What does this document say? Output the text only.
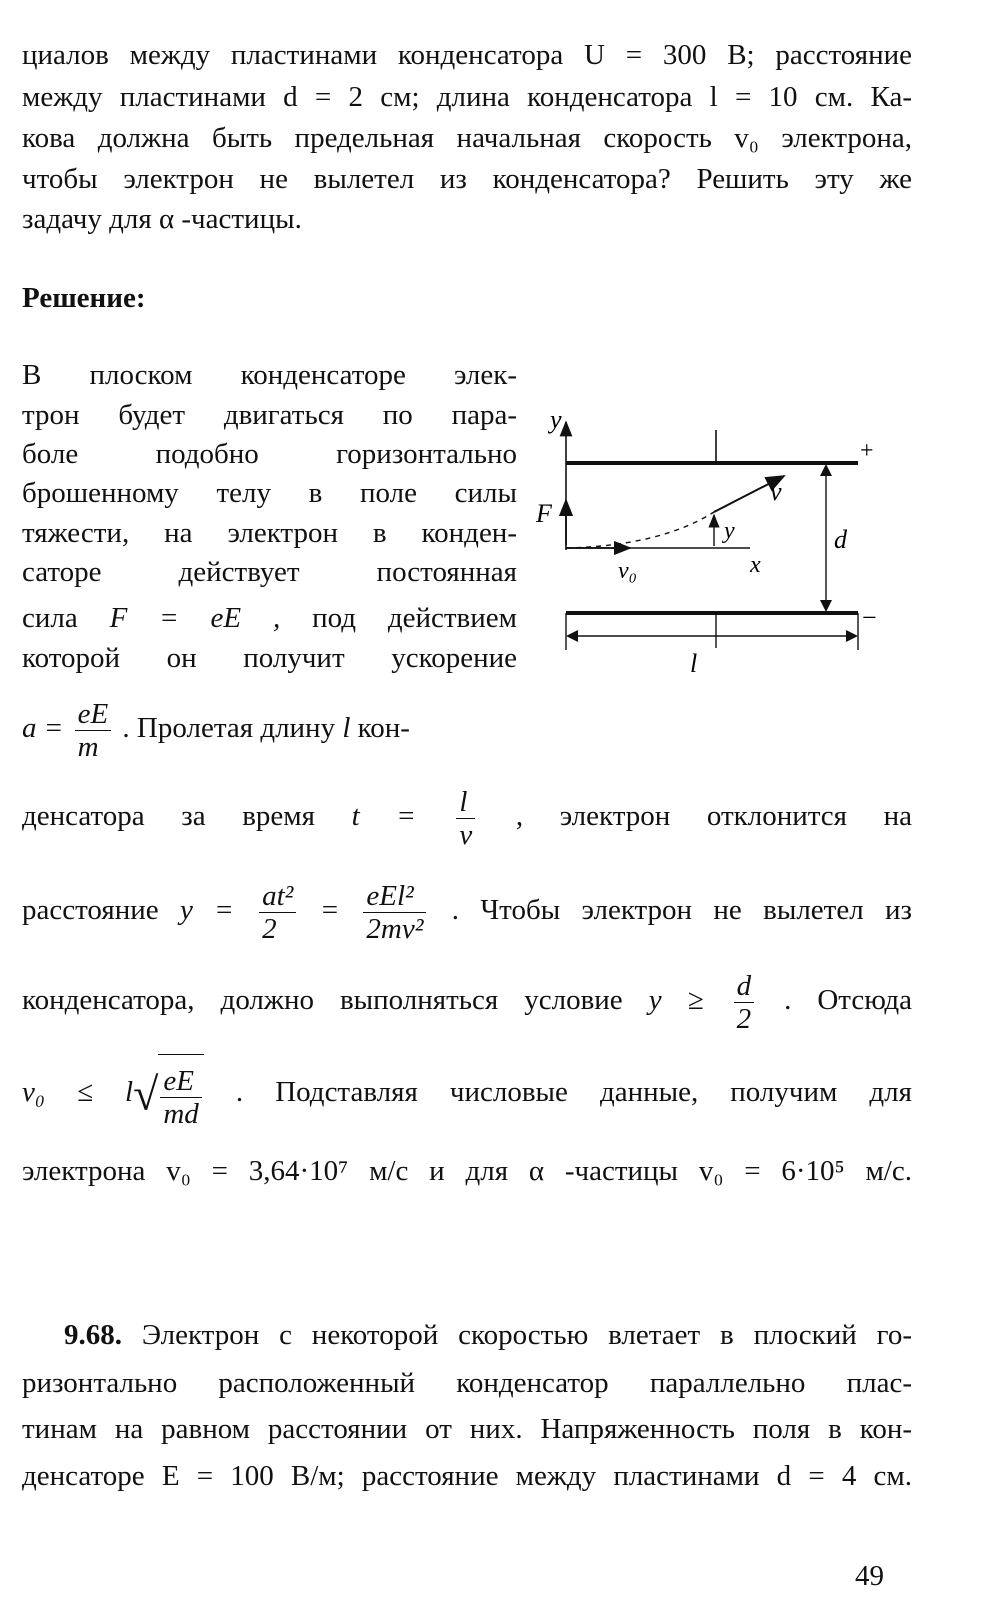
циалов между пластинами конденсатора U = 300 В; расстояние
между пластинами d = 2 см; длина конденсатора l = 10 см. Ка-
кова должна быть предельная начальная скорость v₀ электрона,
чтобы электрон не вылетел из конденсатора? Решить эту же
задачу для α -частицы.
Решение:
В плоском конденсаторе элек-
трон будет двигаться по пара-
боле подобно горизонтально
брошенному телу в поле силы
тяжести, на электрон в конден-
саторе действует постоянная
сила F = eE , под действием
которой он получит ускорение
$a = \frac{eE}{m}$ . Пролетая длину l кон-
денсатора за время $t = \frac{l}{v}$ , электрон отклонится на
расстояние $y = \frac{\text{at²}}{2} = \frac{\text{eEl²}}{\text{2mv²}}$ . Чтобы электрон не вылетел из
конденсатора, должно выполняться условие $y \ge \frac{d}{2}$ . Отсюда
$v_0 \le l√ \frac{eE}{md}$ . Подставляя числовые данные, получим для
электрона v₀ = 3,64·10⁷ м/с и для α -частицы v₀ = 6·10⁵ м/с.
y
+
F
v₀	x
v
y	d
−
l
9.68. Электрон с некоторой скоростью влетает в плоский го-
ризонтально расположенный конденсатор параллельно плас-
тинам на равном расстоянии от них. Напряженность поля в кон-
денсаторе E = 100 В/м; расстояние между пластинами d = 4 см.
49
